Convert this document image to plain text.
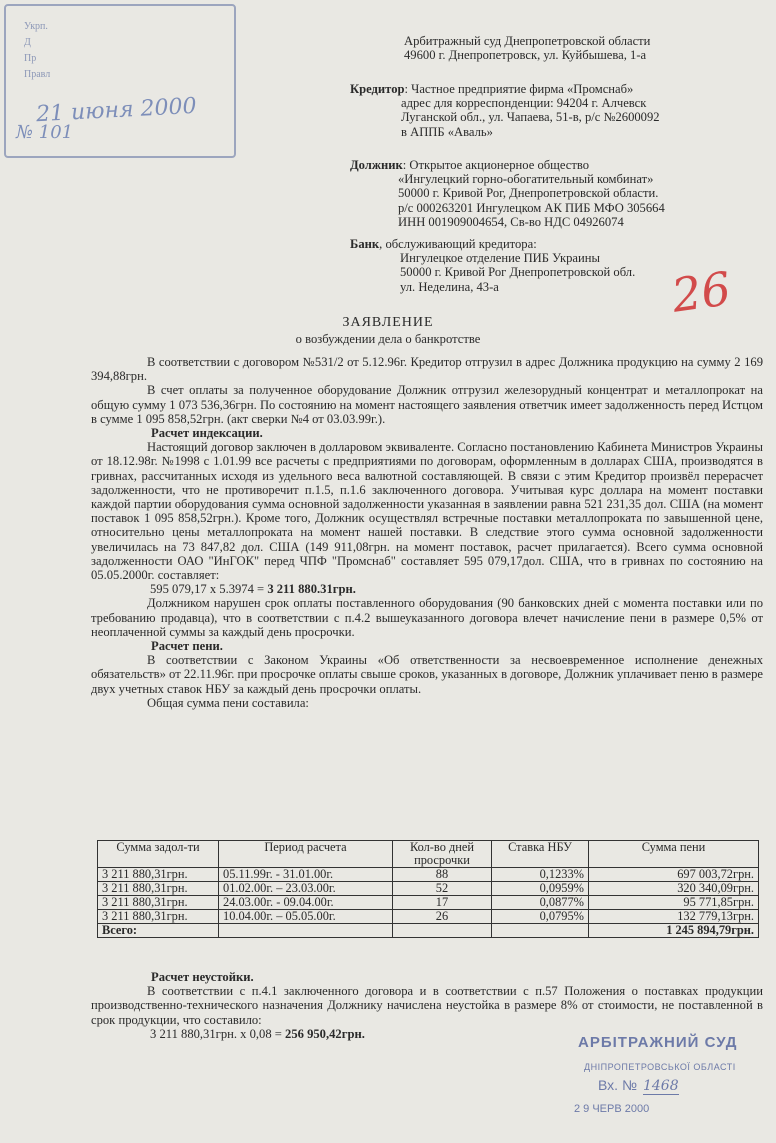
Укрп.
Д
Пр
Правл
21 июня 2000
№ 101
Арбитражный суд Днепропетровской области
49600 г. Днепропетровск, ул. Куйбышева, 1-а
Кредитор: Частное предприятие фирма «Промснаб»
адрес для корреспонденции: 94204 г. Алчевск
Луганской обл., ул. Чапаева, 51-в, р/с №2600092
в АППБ «Аваль»
Должник: Открытое акционерное общество
«Ингулецкий горно-обогатительный комбинат»
50000 г. Кривой Рог, Днепропетровской области.
р/с 000263201 Ингулецком АК ПИБ МФО 305664
ИНН 001909004654, Св-во НДС 04926074
Банк, обслуживающий кредитора:
Ингулецкое отделение ПИБ Украины
50000 г. Кривой Рог Днепропетровской обл.
ул. Неделина, 43-а	26
ЗАЯВЛЕНИЕ
о возбуждении дела о банкротстве

В соответствии с договором №531/2 от 5.12.96г. Кредитор отгрузил в адрес Должника продукцию на сумму 2 169 394,88грн.

В счет оплаты за полученное оборудование Должник отгрузил железорудный концентрат и металлопрокат на общую сумму 1 073 536,36грн. По состоянию на момент настоящего заявления ответчик имеет задолженность перед Истцом в сумме 1 095 858,52грн. (акт сверки №4 от 03.03.99г.).

Расчет индексации.

Настоящий договор заключен в долларовом эквиваленте. Согласно постановлению Кабинета Министров Украины от 18.12.98г. №1998 с 1.01.99 все расчеты с предприятиями по договорам, оформленным в долларах США, производятся в гривнах, рассчитанных исходя из удельного веса валютной составляющей. В связи с этим Кредитор произвёл перерасчет задолженности, что не противоречит п.1.5, п.1.6 заключенного договора. Учитывая курс доллара на момент поставки каждой партии оборудования сумма основной задолженности указанная в заявлении равна 521 231,35 дол. США (на момент поставок 1 095 858,52грн.). Кроме того, Должник осуществлял встречные поставки металлопроката по завышенной цене, относительно цены металлопроката на момент нашей поставки. В следствие этого сумма основной задолженности увеличилась на 73 847,82 дол. США (149 911,08грн. на момент поставок, расчет прилагается). Всего сумма основной задолженности ОАО "ИнГОК" перед ЧПФ "Промснаб" составляет 595 079,17дол. США, что в гривнах по состоянию на 05.05.2000г. составляет:

595 079,17 х 5.3974 = 3 211 880.31грн.

Должником нарушен срок оплаты поставленного оборудования (90 банковских дней с момента поставки или по требованию продавца), что в соответствии с п.4.2 вышеуказанного договора влечет начисление пени в размере 0,5% от неоплаченной суммы за каждый день просрочки.

Расчет пени.

В соответствии с Законом Украины «Об ответственности за несвоевременное исполнение денежных обязательств» от 22.11.96г. при просрочке оплаты свыше сроков, указанных в договоре, Должник уплачивает пеню в размере двух учетных ставок НБУ за каждый день просрочки оплаты.

Общая сумма пени составила:

Сумма задол-ти	Период расчета	Кол-во дней просрочки	Ставка НБУ	Сумма пени
3 211 880,31грн.	05.11.99г. - 31.01.00г.	88	0,1233%	697 003,72грн.
3 211 880,31грн.	01.02.00г. – 23.03.00г.	52	0,0959%	320 340,09грн.
3 211 880,31грн.	24.03.00г. - 09.04.00г.	17	0,0877%	95 771,85грн.
3 211 880,31грн.	10.04.00г. – 05.05.00г.	26	0,0795%	132 779,13грн.
Всего:				1 245 894,79грн.
Расчет неустойки.

В соответствии с п.4.1 заключенного договора и в соответствии с п.57 Положения о поставках продукции производственно-технического назначения Должнику начислена неустойка в размере 8% от стоимости, не поставленной в срок продукции, что составило:

3 211 880,31грн. х 0,08 = 256 950,42грн.

АРБІТРАЖНИЙ СУД
ДНІПРОПЕТРОВСЬКОЇ ОБЛАСТІ
Вх. № 1468
2 9 ЧЕРВ 2000
